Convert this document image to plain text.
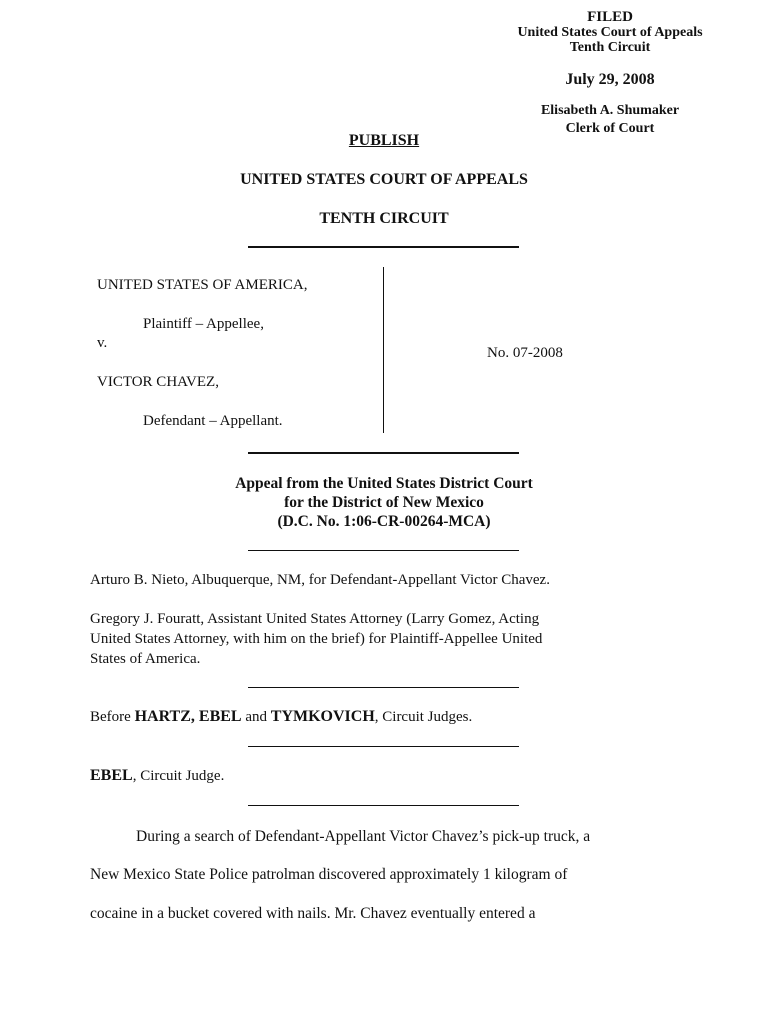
FILED
United States Court of Appeals
Tenth Circuit
July 29, 2008
Elisabeth A. Shumaker
Clerk of Court
PUBLISH
UNITED STATES COURT OF APPEALS
TENTH CIRCUIT
UNITED STATES OF AMERICA,
Plaintiff – Appellee,
v.
VICTOR CHAVEZ,
Defendant – Appellant.
No. 07-2008
Appeal from the United States District Court
for the District of New Mexico
(D.C. No. 1:06-CR-00264-MCA)
Arturo B. Nieto, Albuquerque, NM, for Defendant-Appellant Victor Chavez.
Gregory J. Fouratt, Assistant United States Attorney (Larry Gomez, Acting
United States Attorney, with him on the brief) for Plaintiff-Appellee United
States of America.
Before HARTZ, EBEL and TYMKOVICH, Circuit Judges.
EBEL, Circuit Judge.
During a search of Defendant-Appellant Victor Chavez’s pick-up truck, a
New Mexico State Police patrolman discovered approximately 1 kilogram of
cocaine in a bucket covered with nails. Mr. Chavez eventually entered a
